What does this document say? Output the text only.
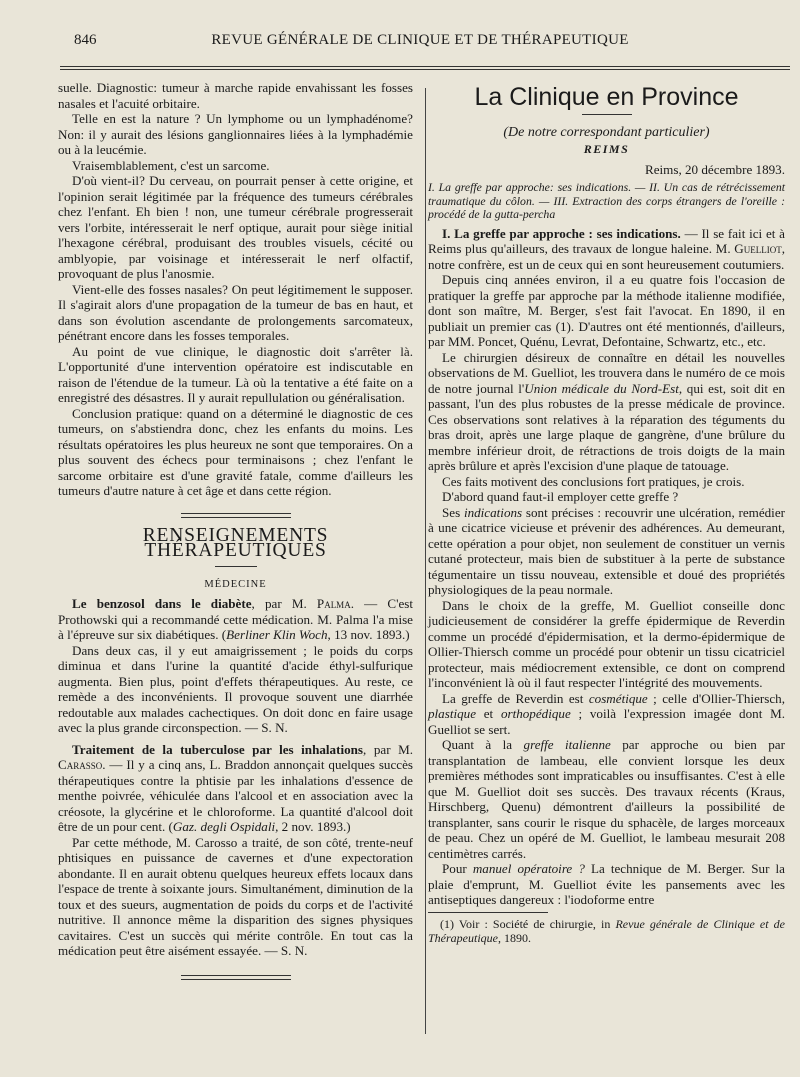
846	REVUE GÉNÉRALE DE CLINIQUE ET DE THÉRAPEUTIQUE

suelle. Diagnostic: tumeur à marche rapide envahissant les fosses nasales et l'acuité orbitaire.

Telle en est la nature ? Un lymphome ou un lymphadénome? Non: il y aurait des lésions ganglionnaires liées à la lymphadémie ou à la leucémie.

Vraisemblablement, c'est un sarcome.

D'où vient-il? Du cerveau, on pourrait penser à cette origine, et l'opinion serait légitimée par la fréquence des tumeurs cérébrales chez l'enfant. Eh bien ! non, une tumeur cérébrale progresserait vers l'orbite, intéresserait le nerf optique, aurait pour siège initial l'hexagone cérébral, produisant des troubles visuels, cécité ou amblyopie, par voisinage et intéresserait le nerf olfactif, provoquant de plus l'anosmie.

Vient-elle des fosses nasales? On peut légitimement le supposer. Il s'agirait alors d'une propagation de la tumeur de bas en haut, et dans son évolution ascendante de prolongements sarcomateux, pénétrant encore dans les fosses temporales.

Au point de vue clinique, le diagnostic doit s'arrêter là. L'opportunité d'une intervention opératoire est indiscutable en raison de l'étendue de la tumeur. Là où la tentative a été faite on a enregistré des désastres. Il y aurait repullulation ou généralisation.

Conclusion pratique: quand on a déterminé le diagnostic de ces tumeurs, on s'abstiendra donc, chez les enfants du moins. Les résultats opératoires les plus heureux ne sont que temporaires. On a plus souvent des échecs pour terminaisons ; chez l'enfant le sarcome orbitaire est d'une gravité fatale, comme d'ailleurs les tumeurs d'autre nature à cet âge et dans cette région.

RENSEIGNEMENTS THÉRAPEUTIQUES
MÉDECINE

Le benzosol dans le diabète, par M. Palma. — C'est Prothowski qui a recommandé cette médication. M. Palma l'a mise à l'épreuve sur six diabétiques. (Berliner Klin Woch, 13 nov. 1893.)

Dans deux cas, il y eut amaigrissement ; le poids du corps diminua et dans l'urine la quantité d'acide éthyl-sulfurique augmenta. Bien plus, point d'effets thérapeutiques. Au reste, ce remède a des inconvénients. Il provoque souvent une diarrhée redoutable aux malades cachectiques. On doit donc en faire usage avec la plus grande circonspection. — S. N.

Traitement de la tuberculose par les inhalations, par M. Carasso. — Il y a cinq ans, L. Braddon annonçait quelques succès thérapeutiques contre la phtisie par les inhalations d'essence de menthe poivrée, véhiculée dans l'alcool et en association avec la créosote, la glycérine et le chloroforme. La quantité d'alcool doit être de un pour cent. (Gaz. degli Ospidali, 2 nov. 1893.)

Par cette méthode, M. Carosso a traité, de son côté, trente-neuf phtisiques en puissance de cavernes et d'une expectoration abondante. Il en aurait obtenu quelques heureux effets locaux dans l'espace de trente à soixante jours. Simultanément, diminution de la toux et des sueurs, augmentation de poids du corps et de l'activité nutritive. Il annonce même la disparition des signes physiques cavitaires. C'est un succès qui mérite contrôle. En tout cas la médication peut être aisément essayée. — S. N.

La Clinique en Province
(De notre correspondant particulier)
REIMS
Reims, 20 décembre 1893.

I. La greffe par approche: ses indications. — II. Un cas de rétrécissement traumatique du côlon. — III. Extraction des corps étrangers de l'oreille : procédé de la gutta-percha

I. La greffe par approche : ses indications. — Il se fait ici et à Reims plus qu'ailleurs, des travaux de longue haleine. M. Guelliot, notre confrère, est un de ceux qui en sont heureusement coutumiers.

Depuis cinq années environ, il a eu quatre fois l'occasion de pratiquer la greffe par approche par la méthode italienne modifiée, dont son maître, M. Berger, s'est fait l'avocat. En 1890, il en publiait un premier cas (1). D'autres ont été mentionnés, d'ailleurs, par MM. Poncet, Quénu, Levrat, Defontaine, Schwartz, etc., etc.

Le chirurgien désireux de connaître en détail les nouvelles observations de M. Guelliot, les trouvera dans le numéro de ce mois de notre journal l'Union médicale du Nord-Est, qui est, soit dit en passant, l'un des plus robustes de la presse médicale de province. Ces observations sont relatives à la réparation des téguments du bras droit, après une large plaque de gangrène, d'une brûlure du membre inférieur droit, de rétractions de trois doigts de la main après brûlure et après l'excision d'une plaque de tatouage.

Ces faits motivent des conclusions fort pratiques, je crois.

D'abord quand faut-il employer cette greffe ?

Ses indications sont précises : recouvrir une ulcération, remédier à une cicatrice vicieuse et prévenir des adhérences. Au demeurant, cette opération a pour objet, non seulement de constituer un vernis cutané protecteur, mais bien de substituer à la perte de substance tégumentaire un tissu nouveau, extensible et doué des propriétés physiologiques de la peau normale.

Dans le choix de la greffe, M. Guelliot conseille donc judicieusement de considérer la greffe épidermique de Reverdin comme un procédé d'épidermisation, et la dermo-épidermique de Ollier-Thiersch comme un procédé pour obtenir un tissu cicatriciel protecteur, mais médiocrement extensible, ce dont on comprend l'inconvénient là où il faut respecter l'intégrité des mouvements.

La greffe de Reverdin est cosmétique ; celle d'Ollier-Thiersch, plastique et orthopédique ; voilà l'expression imagée dont M. Guelliot se sert.

Quant à la greffe italienne par approche ou bien par transplantation de lambeau, elle convient lorsque les deux premières méthodes sont impraticables ou insuffisantes. C'est à elle que M. Guelliot doit ses succès. Des travaux récents (Kraus, Hirschberg, Quenu) démontrent d'ailleurs la possibilité de transplanter, sans courir le risque du sphacèle, de larges morceaux de peau. Chez un opéré de M. Guelliot, le lambeau mesurait 208 centimètres carrés.

Pour manuel opératoire ? La technique de M. Berger. Sur la plaie d'emprunt, M. Guelliot évite les pansements avec les antiseptiques dangereux : l'iodoforme entre

(1) Voir : Société de chirurgie, in Revue générale de Clinique et de Thérapeutique, 1890.
